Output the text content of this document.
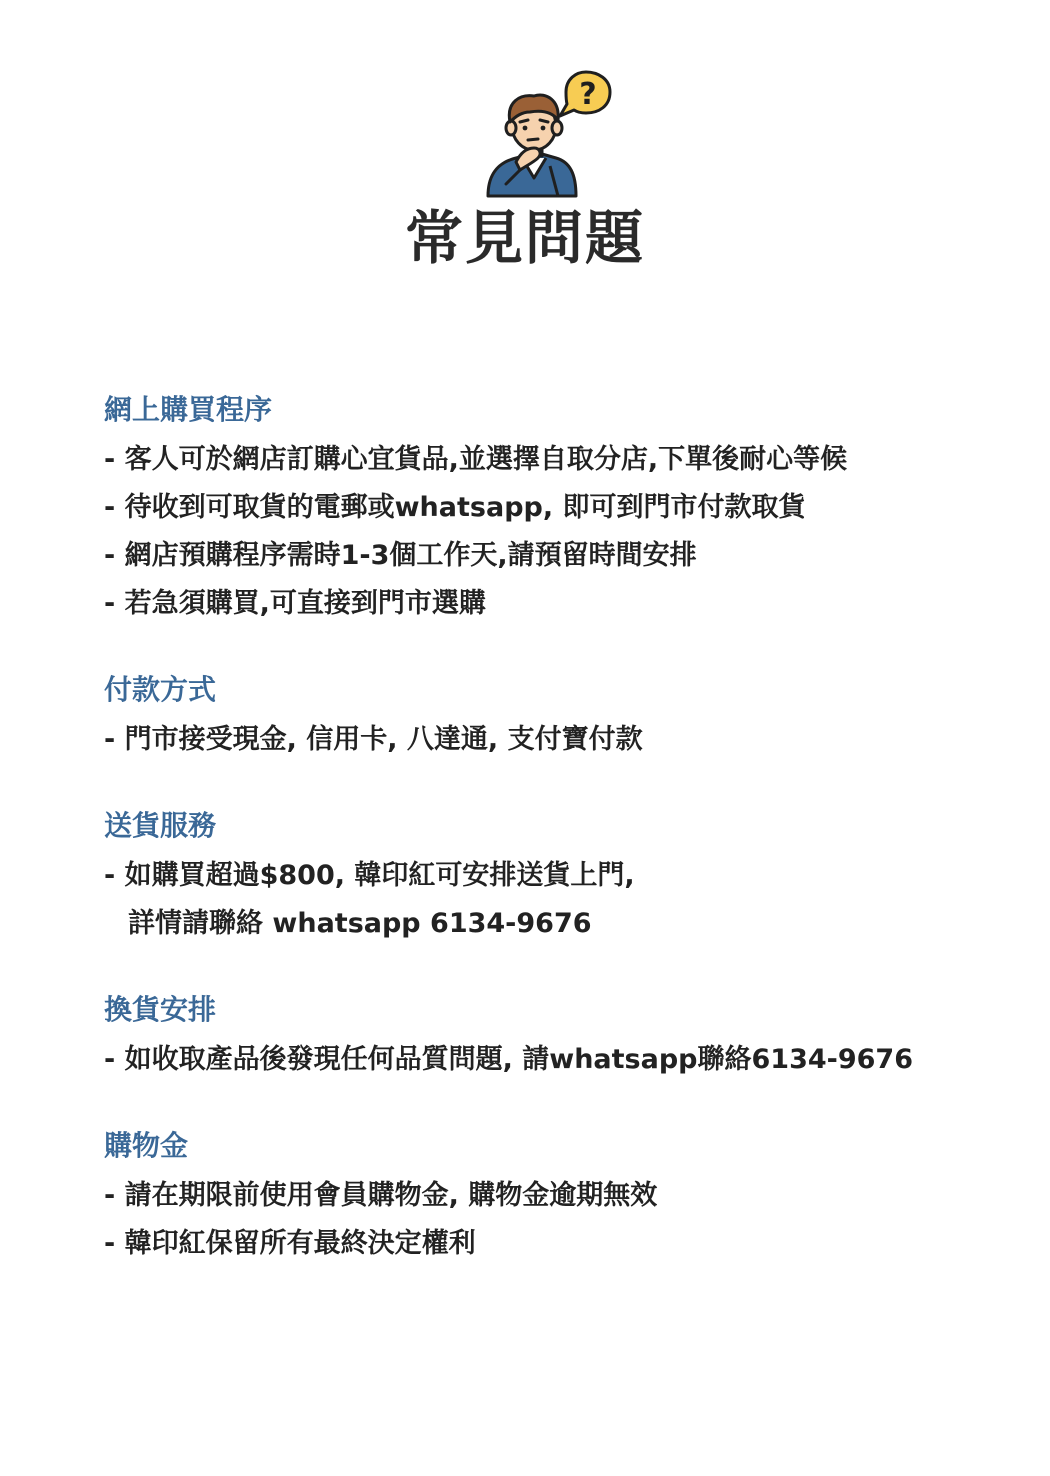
?
常見問題
網上購買程序
- 客人可於網店訂購心宜貨品,並選擇自取分店,下單後耐心等候
- 待收到可取貨的電郵或whatsapp, 即可到門市付款取貨
- 網店預購程序需時1-3個工作天,請預留時間安排
- 若急須購買,可直接到門市選購
付款方式
- 門市接受現金, 信用卡, 八達通, 支付寶付款
送貨服務
- 如購買超過$800, 韓印紅可安排送貨上門,
詳情請聯絡 whatsapp 6134-9676
換貨安排
- 如收取產品後發現任何品質問題, 請whatsapp聯絡6134-9676
購物金
- 請在期限前使用會員購物金, 購物金逾期無效
- 韓印紅保留所有最終決定權利
